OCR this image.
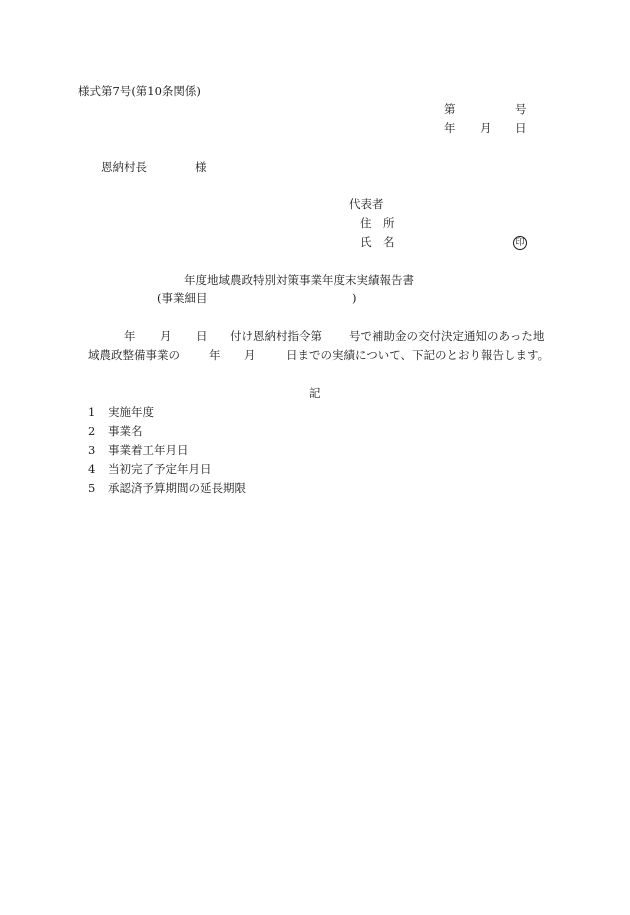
様式第7号(第10条関係)
第	号
年 月 日
恩納村長	様
代表者
住　所
氏　名	印
年度地域農政特別対策事業年度末実績報告書
(事業細目	)
年 月 日 付け恩納村指令第 号で補助金の交付決定通知のあった地
域農政整備事業の	年 月	日までの実績について、下記のとおり報告します。
記
1 実施年度
2 事業名
3 事業着工年月日
4 当初完了予定年月日
5 承認済予算期間の延長期限
